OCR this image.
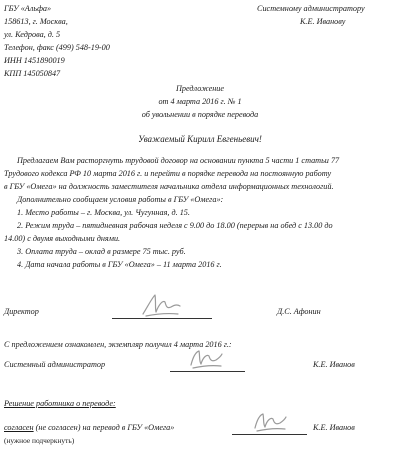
ГБУ «Альфа»
158613, г. Москва,
ул. Кедрова, д. 5
Телефон, факс (499) 548-19-00
ИНН 1451890019
КПП 145050847
Системному администратору
К.Е. Иванову
Предложение
от 4 марта 2016 г. № 1
об увольнении в порядке перевода
Уважаемый Кирилл Евгеньевич!
Предлагаем Вам расторгнуть трудовой договор на основании пункта 5 части 1 статьи 77
Трудового кодекса РФ 10 марта 2016 г. и перейти в порядке перевода на постоянную работу
в ГБУ «Омега» на должность заместителя начальника отдела информационных технологий.
Дополнительно сообщаем условия работы в ГБУ «Омега»:
1. Место работы – г. Москва, ул. Чугунная, д. 15.
2. Режим труда – пятидневная рабочая неделя с 9.00 до 18.00 (перерыв на обед с 13.00 до
14.00) с двумя выходными днями.
3. Оплата труда – оклад в размере 75 тыс. руб.
4. Дата начала работы в ГБУ «Омега» – 11 марта 2016 г.
Директор	Д.С. Афонин
С предложением ознакомлен, экземпляр получил 4 марта 2016 г.:
Системный администратор	К.Е. Иванов
Решение работника о переводе:
согласен (не согласен) на перевод в ГБУ «Омега»	К.Е. Иванов
(нужное подчеркнуть)
